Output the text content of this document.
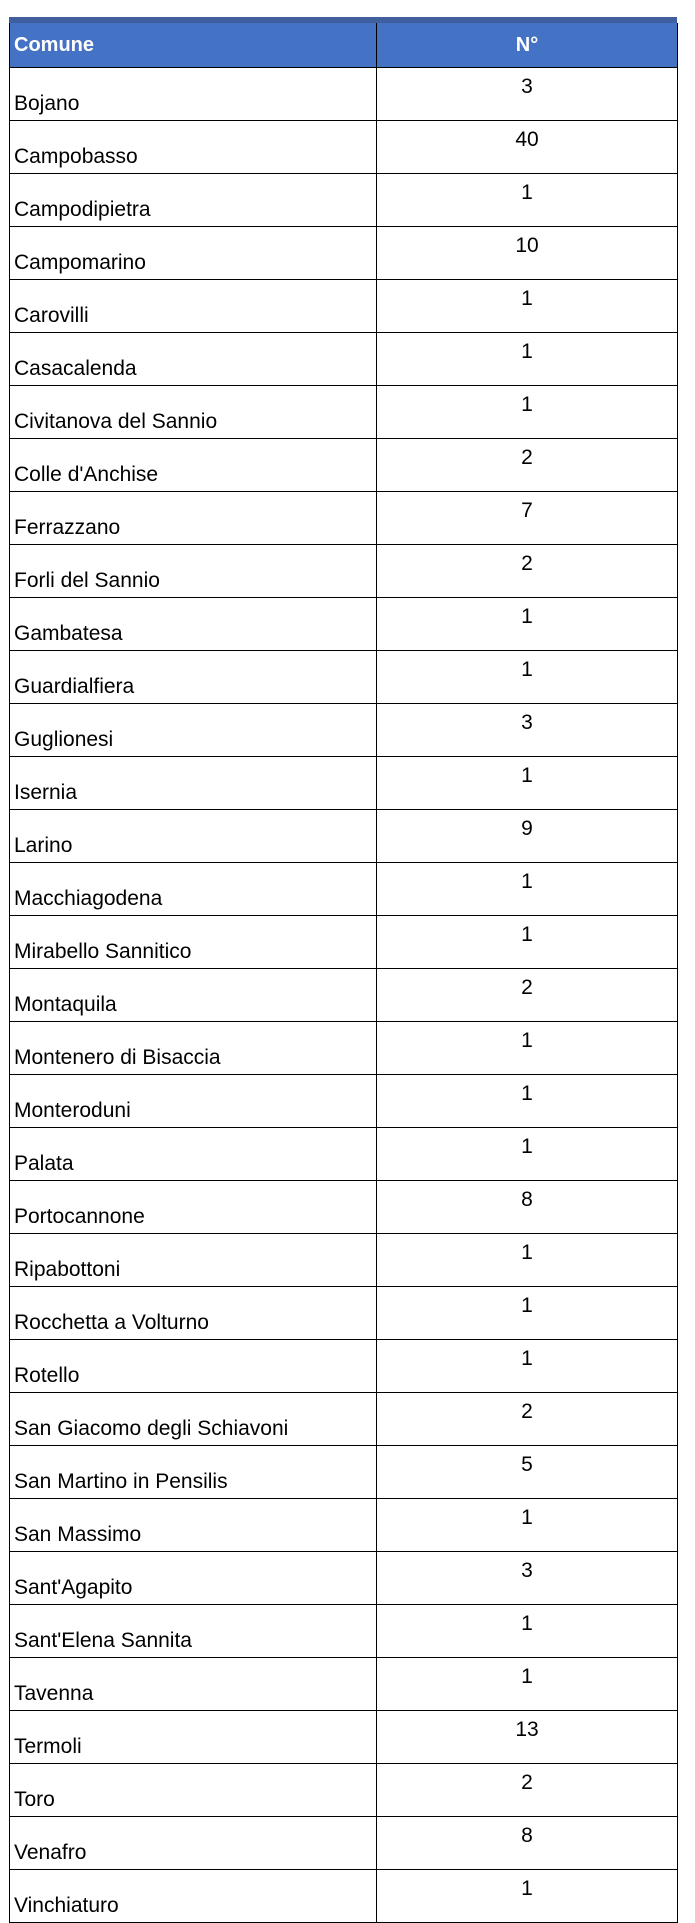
Comune	N°
Bojano	3
Campobasso	40
Campodipietra	1
Campomarino	10
Carovilli	1
Casacalenda	1
Civitanova del Sannio	1
Colle d'Anchise	2
Ferrazzano	7
Forli del Sannio	2
Gambatesa	1
Guardialfiera	1
Guglionesi	3
Isernia	1
Larino	9
Macchiagodena	1
Mirabello Sannitico	1
Montaquila	2
Montenero di Bisaccia	1
Monteroduni	1
Palata	1
Portocannone	8
Ripabottoni	1
Rocchetta a Volturno	1
Rotello	1
San Giacomo degli Schiavoni	2
San Martino in Pensilis	5
San Massimo	1
Sant'Agapito	3
Sant'Elena Sannita	1
Tavenna	1
Termoli	13
Toro	2
Venafro	8
Vinchiaturo	1
